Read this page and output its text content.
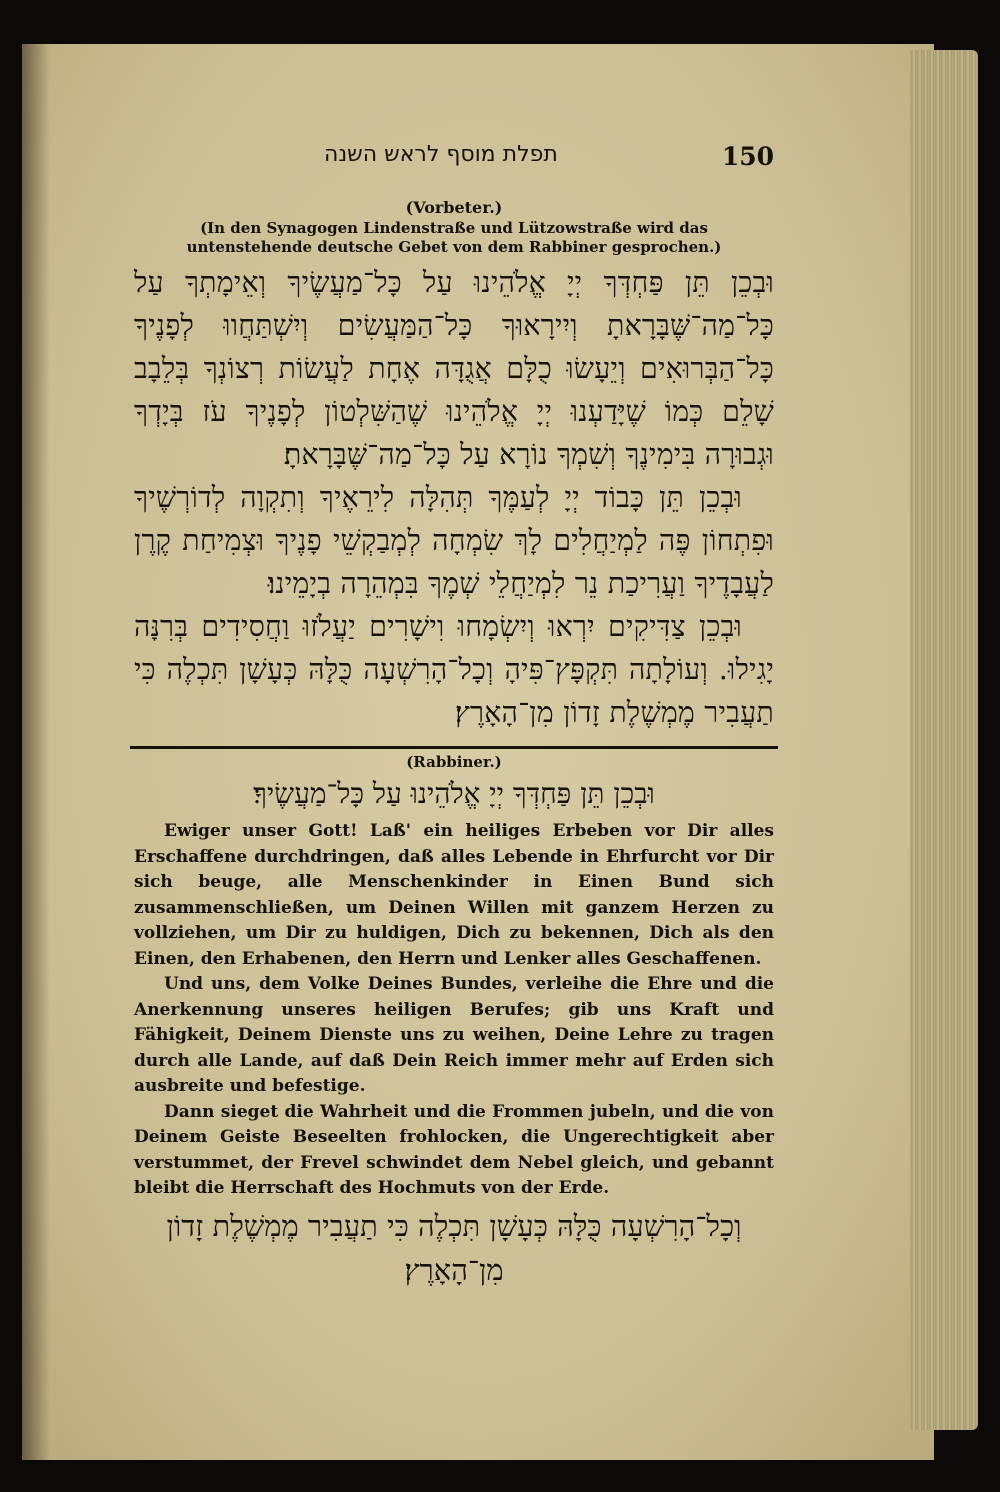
תפלת מוסף לראש השנה	150
(Vorbeter.)
(In den Synagogen Lindenstraße und Lützowstraße wird das untenstehende deutsche Gebet von dem Rabbiner gesprochen.)

וּבְכֵן תֵּן פַּחְדְּךָ יְיָ אֱלֹהֵינוּ עַל כָּל־מַעֲשֶׂיךָ וְאֵימָתְךָ עַל כָּל־מַה־שֶּׁבָּרָאתָ וְיִירָאוּךָ כָּל־הַמַּעֲשִׂים וְיִשְׁתַּחֲווּ לְפָנֶיךָ כָּל־הַבְּרוּאִים וְיֵעָשׂוּ כֻלָּם אֲגֻדָּה אֶחָת לַעֲשׂוֹת רְצוֹנְךָ בְּלֵבָב שָׁלֵם כְּמוֹ שֶׁיָּדַעְנוּ יְיָ אֱלֹהֵינוּ שֶׁהַשִּׁלְטוֹן לְפָנֶיךָ עֹז בְּיָדְךָ וּגְבוּרָה בִּימִינֶךָ וְשִׁמְךָ נוֹרָא עַל כָּל־מַה־שֶּׁבָּרָאתָ׃

וּבְכֵן תֵּן כָּבוֹד יְיָ לְעַמֶּךָ תְּהִלָּה לִירֵאֶיךָ וְתִקְוָה לְדוֹרְשֶׁיךָ וּפִתְחוֹן פֶּה לַמְיַחֲלִים לָךְ שִׂמְחָה לְמְבַקְשֵׁי פָנֶיךָ וּצְמִיחַת קֶרֶן לַעֲבָדֶיךָ וַעֲרִיכַת נֵר לִמְיַחֲלֵי שְׁמֶךָ בִּמְהֵרָה בְיָמֵינוּ׃

וּבְכֵן צַדִּיקִים יִרְאוּ וְיִשְׂמָחוּ וִישָׁרִים יַעֲלֹזוּ וַחֲסִידִים בְּרִנָּה יָגִילוּ. וְעוֹלָתָה תִּקְפָּץ־פִּיהָ וְכָל־הָרִשְׁעָה כֻּלָּהּ כְּעָשָׁן תִּכְלֶה כִּי תַעֲבִיר מֶמְשֶׁלֶת זָדוֹן מִן־הָאָרֶץ׃

(Rabbiner.)
וּבְכֵן תֵּן פַּחְדְּךָ יְיָ אֱלֹהֵינוּ עַל כָּל־מַעֲשֶׂיךָ׃

Ewiger unser Gott! Laß' ein heiliges Erbeben vor Dir alles Erschaffene durchdringen, daß alles Lebende in Ehrfurcht vor Dir sich beuge, alle Menschenkinder in Einen Bund sich zusammenschließen, um Deinen Willen mit ganzem Herzen zu vollziehen, um Dir zu huldigen, Dich zu bekennen, Dich als den Einen, den Erhabenen, den Herrn und Lenker alles Geschaffenen.

Und uns, dem Volke Deines Bundes, verleihe die Ehre und die Anerkennung unseres heiligen Berufes; gib uns Kraft und Fähigkeit, Deinem Dienste uns zu weihen, Deine Lehre zu tragen durch alle Lande, auf daß Dein Reich immer mehr auf Erden sich ausbreite und befestige.

Dann sieget die Wahrheit und die Frommen jubeln, und die von Deinem Geiste Beseelten frohlocken, die Ungerechtigkeit aber verstummet, der Frevel schwindet dem Nebel gleich, und gebannt bleibt die Herrschaft des Hochmuts von der Erde.

וְכָל־הָרִשְׁעָה כֻּלָּהּ כְּעָשָׁן תִּכְלֶה כִּי תַעֲבִיר מֶמְשֶׁלֶת זָדוֹן מִן־הָאָרֶץ׃
